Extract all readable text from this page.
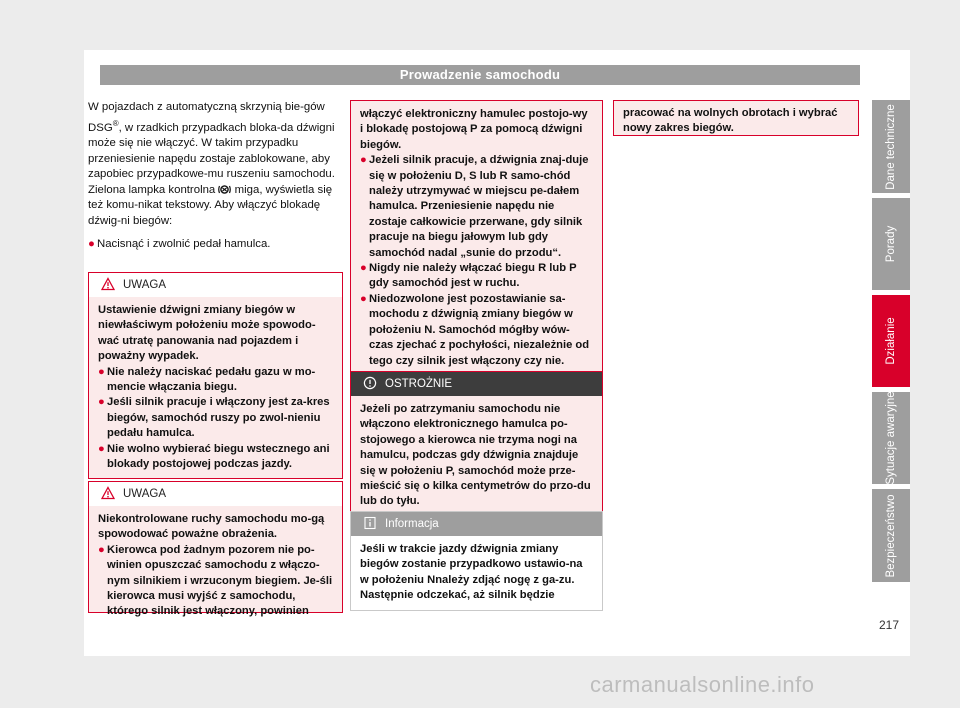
Prowadzenie samochodu

W pojazdach z automatyczną skrzynią bie-gów DSG®, w rzadkich przypadkach bloka-da dźwigni może się nie włączyć. W takim przypadku przeniesienie napędu zostaje zablokowane, aby zapobiec przypadkowe-mu ruszeniu samochodu. Zielona lampka kontrolna miga, wyświetla się też komu-nikat tekstowy. Aby włączyć blokadę dźwig-ni biegów:

● Nacisnąć i zwolnić pedał hamulca.

UWAGA

Ustawienie dźwigni zmiany biegów w niewłaściwym położeniu może spowodo-wać utratę panowania nad pojazdem i poważny wypadek.

● Nie należy naciskać pedału gazu w mo-mencie włączania biegu.

● Jeśli silnik pracuje i włączony jest za-kres biegów, samochód ruszy po zwol-nieniu pedału hamulca.

● Nie wolno wybierać biegu wstecznego ani blokady postojowej podczas jazdy.

UWAGA

Niekontrolowane ruchy samochodu mo-gą spowodować poważne obrażenia.

● Kierowca pod żadnym pozorem nie po-winien opuszczać samochodu z włączo-nym silnikiem i wrzuconym biegiem. Je-śli kierowca musi wyjść z samochodu, którego silnik jest włączony, powinien

włączyć elektroniczny hamulec postojo-wy i blokadę postojową P za pomocą dźwigni biegów.

● Jeżeli silnik pracuje, a dźwignia znaj-duje się w położeniu D, S lub R samo-chód należy utrzymywać w miejscu pe-dałem hamulca. Przeniesienie napędu nie zostaje całkowicie przerwane, gdy silnik pracuje na biegu jałowym lub gdy samochód nadal „sunie do przodu“.

● Nigdy nie należy włączać biegu R lub P gdy samochód jest w ruchu.

● Niedozwolone jest pozostawianie sa-mochodu z dźwignią zmiany biegów w położeniu N. Samochód mógłby wów-czas zjechać z pochyłości, niezależnie od tego czy silnik jest włączony czy nie.

OSTROŻNIE

Jeżeli po zatrzymaniu samochodu nie włączono elektronicznego hamulca po-stojowego a kierowca nie trzyma nogi na hamulcu, podczas gdy dźwignia znajduje się w położeniu P, samochód może prze-mieścić się o kilka centymetrów do przo-du lub do tyłu.

Informacja

Jeśli w trakcie jazdy dźwignia zmiany biegów zostanie przypadkowo ustawio-na w położeniu Nnależy zdjąć nogę z ga-zu. Następnie odczekać, aż silnik będzie

pracować na wolnych obrotach i wybrać nowy zakres biegów.	Dane techniczne
Porady
Działanie
Sytuacje awaryjne
Bezpieczeństwo
217
carmanualsonline.info
